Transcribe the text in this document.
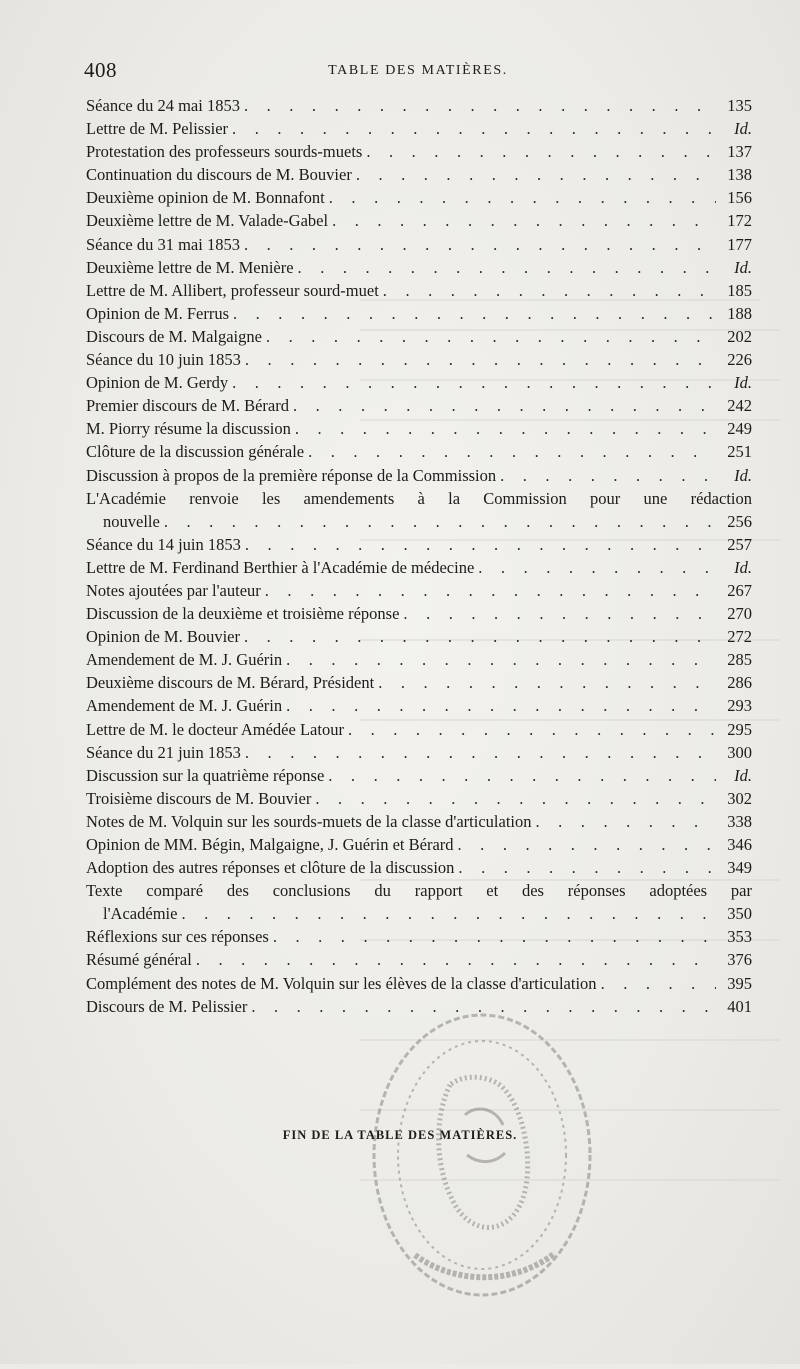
408	TABLE DES MATIÈRES.
Séance du 24 mai 1853 . . .	135
Lettre de M. Pelissier . . .	Id.
Protestation des professeurs sourds-muets . . .	137
Continuation du discours de M. Bouvier . . .	138
Deuxième opinion de M. Bonnafont . . .	156
Deuxième lettre de M. Valade-Gabel . . .	172
Séance du 31 mai 1853 . . .	177
Deuxième lettre de M. Menière . . .	Id.
Lettre de M. Allibert, professeur sourd-muet . . .	185
Opinion de M. Ferrus . . .	188
Discours de M. Malgaigne . . .	202
Séance du 10 juin 1853 . . .	226
Opinion de M. Gerdy . . .	Id.
Premier discours de M. Bérard . . .	242
M. Piorry résume la discussion . . .	249
Clôture de la discussion générale . . .	251
Discussion à propos de la première réponse de la Commission . . .	Id.
L'Académie renvoie les amendements à la Commission pour une rédaction
nouvelle . . .	256
Séance du 14 juin 1853 . . .	257
Lettre de M. Ferdinand Berthier à l'Académie de médecine . . .	Id.
Notes ajoutées par l'auteur . . .	267
Discussion de la deuxième et troisième réponse . . .	270
Opinion de M. Bouvier . . .	272
Amendement de M. J. Guérin . . .	285
Deuxième discours de M. Bérard, Président . . .	286
Amendement de M. J. Guérin . . .	293
Lettre de M. le docteur Amédée Latour . . .	295
Séance du 21 juin 1853 . . .	300
Discussion sur la quatrième réponse . . .	Id.
Troisième discours de M. Bouvier . . .	302
Notes de M. Volquin sur les sourds-muets de la classe d'articulation . . .	338
Opinion de MM. Bégin, Malgaigne, J. Guérin et Bérard . . .	346
Adoption des autres réponses et clôture de la discussion . . .	349
Texte comparé des conclusions du rapport et des réponses adoptées par
l'Académie . . .	350
Réflexions sur ces réponses . . .	353
Résumé général . . .	376
Complément des notes de M. Volquin sur les élèves de la classe d'articulation . . .	395
Discours de M. Pelissier . . .	401
FIN DE LA TABLE DES MATIÈRES.
